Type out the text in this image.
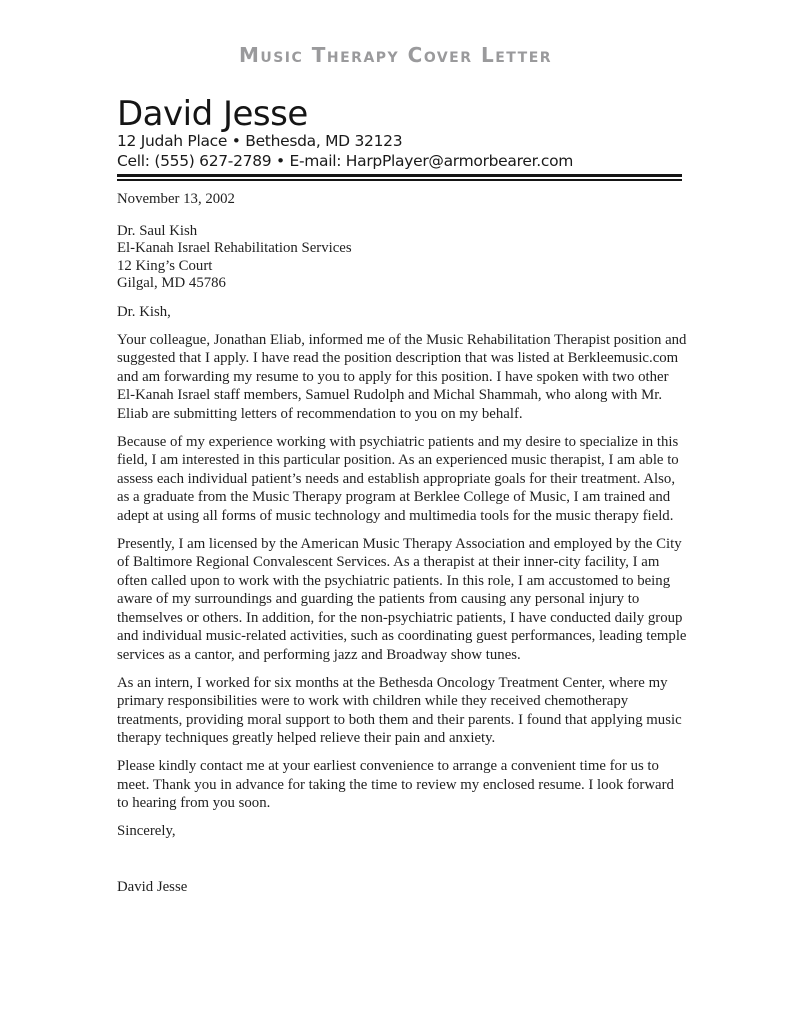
Music Therapy Cover Letter
David Jesse
12 Judah Place • Bethesda, MD 32123
Cell: (555) 627-2789 • E-mail: HarpPlayer@armorbearer.com

November 13, 2002

Dr. Saul Kish
El-Kanah Israel Rehabilitation Services
12 King’s Court
Gilgal, MD 45786

Dr. Kish,

Your colleague, Jonathan Eliab, informed me of the Music Rehabilitation Therapist position and suggested that I apply. I have read the position description that was listed at Berkleemusic.com and am forwarding my resume to you to apply for this position. I have spoken with two other El-Kanah Israel staff members, Samuel Rudolph and Michal Shammah, who along with Mr. Eliab are submitting letters of recommendation to you on my behalf.

Because of my experience working with psychiatric patients and my desire to specialize in this field, I am interested in this particular position. As an experienced music therapist, I am able to assess each individual patient’s needs and establish appropriate goals for their treatment. Also, as a graduate from the Music Therapy program at Berklee College of Music, I am trained and adept at using all forms of music technology and multimedia tools for the music therapy field.

Presently, I am licensed by the American Music Therapy Association and employed by the City of Baltimore Regional Convalescent Services. As a therapist at their inner-city facility, I am often called upon to work with the psychiatric patients. In this role, I am accustomed to being aware of my surroundings and guarding the patients from causing any personal injury to themselves or others. In addition, for the non-psychiatric patients, I have conducted daily group and individual music-related activities, such as coordinating guest performances, leading temple services as a cantor, and performing jazz and Broadway show tunes.

As an intern, I worked for six months at the Bethesda Oncology Treatment Center, where my primary responsibilities were to work with children while they received chemotherapy treatments, providing moral support to both them and their parents. I found that applying music therapy techniques greatly helped relieve their pain and anxiety.

Please kindly contact me at your earliest convenience to arrange a convenient time for us to meet. Thank you in advance for taking the time to review my enclosed resume. I look forward to hearing from you soon.

Sincerely,

David Jesse
